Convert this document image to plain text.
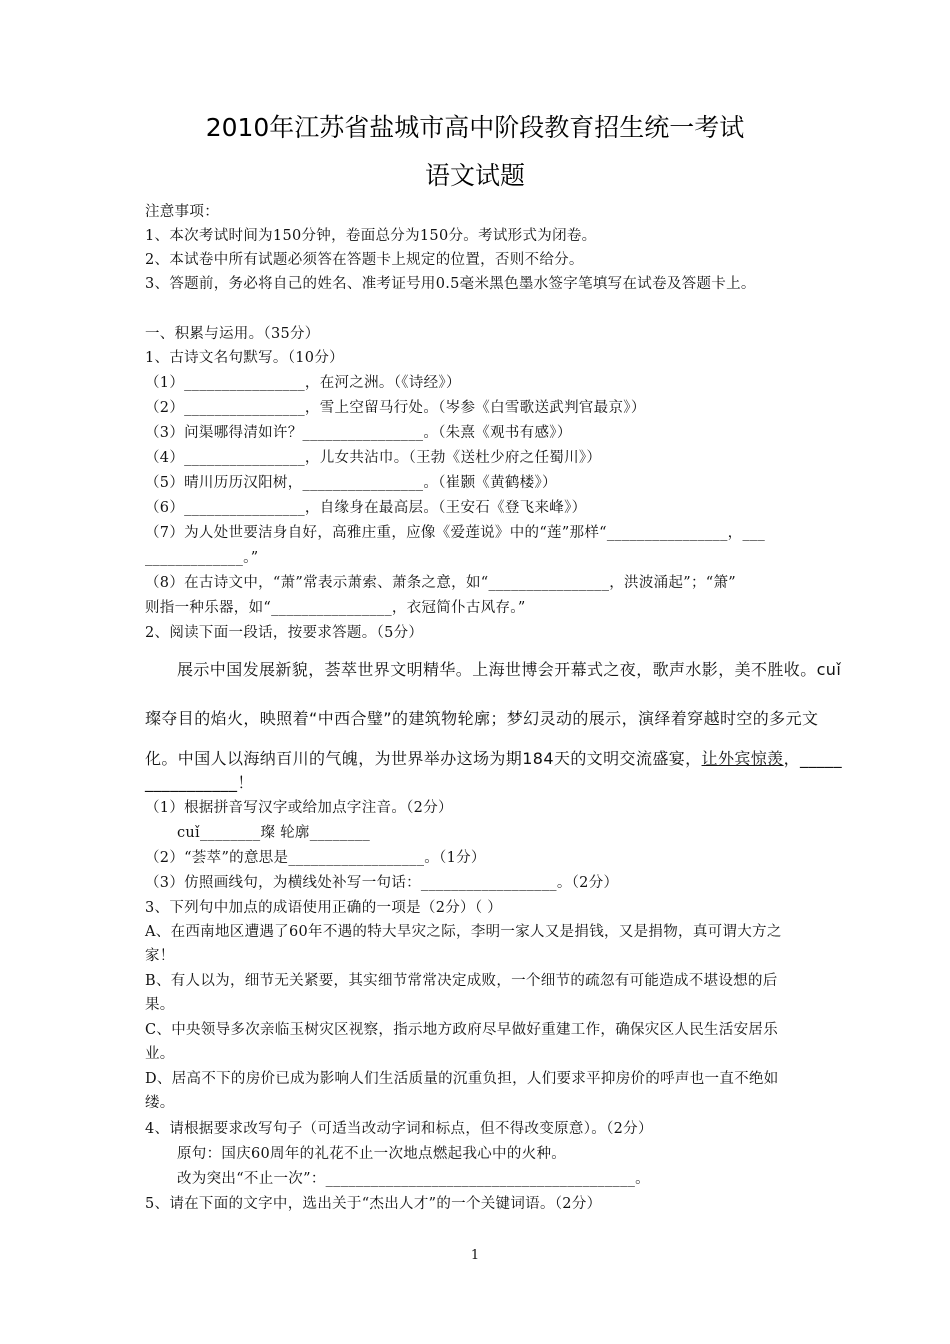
2010年江苏省盐城市高中阶段教育招生统一考试
语文试题
注意事项：
1、本次考试时间为150分钟，卷面总分为150分。考试形式为闭卷。
2、本试卷中所有试题必须答在答题卡上规定的位置，否则不给分。
3、答题前，务必将自己的姓名、准考证号用0.5毫米黑色墨水签字笔填写在试卷及答题卡上。
一、积累与运用。（35分）
1、古诗文名句默写。（10分）
（1）________________，在河之洲。（《诗经》）
（2）________________，雪上空留马行处。（岑参《白雪歌送武判官最京》）
（3）问渠哪得清如许？________________。（朱熹《观书有感》）
（4）________________，儿女共沾巾。（王勃《送杜少府之任蜀川》）
（5）晴川历历汉阳树，________________。（崔颢《黄鹤楼》）
（6）________________，自缘身在最高层。（王安石《登飞来峰》）
（7）为人处世要洁身自好，高雅庄重，应像《爱莲说》中的“莲”那样“________________，___
_____________。”
（8）在古诗文中，“萧”常表示萧索、萧条之意，如“________________，洪波涌起”；“箫”
则指一种乐器，如“________________，衣冠简仆古风存。”
2、阅读下面一段话，按要求答题。（5分）
展示中国发展新貌，荟萃世界文明精华。上海世博会开幕式之夜，歌声水影，美不胜收。cuǐ
璨夺目的焰火，映照着“中西合璧”的建筑物轮廓；梦幻灵动的展示，演绎着穿越时空的多元文
化。中国人以海纳百川的气魄，为世界举办这场为期184天的文明交流盛宴，让外宾惊羡，_____
___________！
（1）根据拼音写汉字或给加点字注音。（2分）
cuǐ________璨 轮廓________
（2）“荟萃”的意思是__________________。（1分）
（3）仿照画线句，为横线处补写一句话：__________________。（2分）
3、下列句中加点的成语使用正确的一项是（2分）（ ）
A、在西南地区遭遇了60年不遇的特大旱灾之际，李明一家人又是捐钱，又是捐物，真可谓大方之
家！
B、有人以为，细节无关紧要，其实细节常常决定成败，一个细节的疏忽有可能造成不堪设想的后
果。
C、中央领导多次亲临玉树灾区视察，指示地方政府尽早做好重建工作，确保灾区人民生活安居乐
业。
D、居高不下的房价已成为影响人们生活质量的沉重负担，人们要求平抑房价的呼声也一直不绝如
缕。
4、请根据要求改写句子（可适当改动字词和标点，但不得改变原意）。（2分）
原句：国庆60周年的礼花不止一次地点燃起我心中的火种。
改为突出“不止一次”：_________________________________________。
5、请在下面的文字中，选出关于“杰出人才”的一个关键词语。（2分）
1
